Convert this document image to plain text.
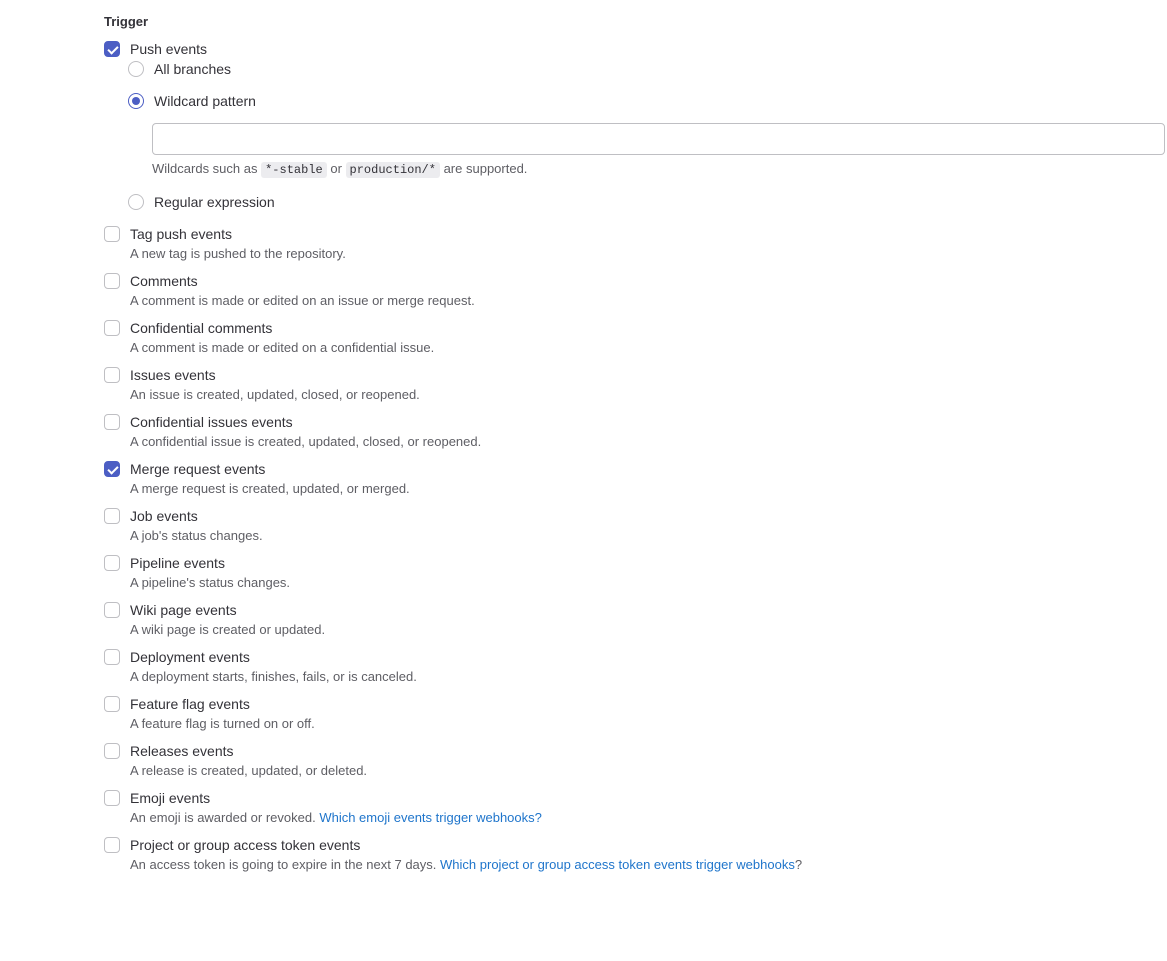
Trigger
Push events
All branches
Wildcard pattern
Wildcards such as *-stable or production/* are supported.
Regular expression
Tag push events
A new tag is pushed to the repository.
Comments
A comment is made or edited on an issue or merge request.
Confidential comments
A comment is made or edited on a confidential issue.
Issues events
An issue is created, updated, closed, or reopened.
Confidential issues events
A confidential issue is created, updated, closed, or reopened.
Merge request events
A merge request is created, updated, or merged.
Job events
A job's status changes.
Pipeline events
A pipeline's status changes.
Wiki page events
A wiki page is created or updated.
Deployment events
A deployment starts, finishes, fails, or is canceled.
Feature flag events
A feature flag is turned on or off.
Releases events
A release is created, updated, or deleted.
Emoji events
An emoji is awarded or revoked. Which emoji events trigger webhooks?
Project or group access token events
An access token is going to expire in the next 7 days. Which project or group access token events trigger webhooks?
